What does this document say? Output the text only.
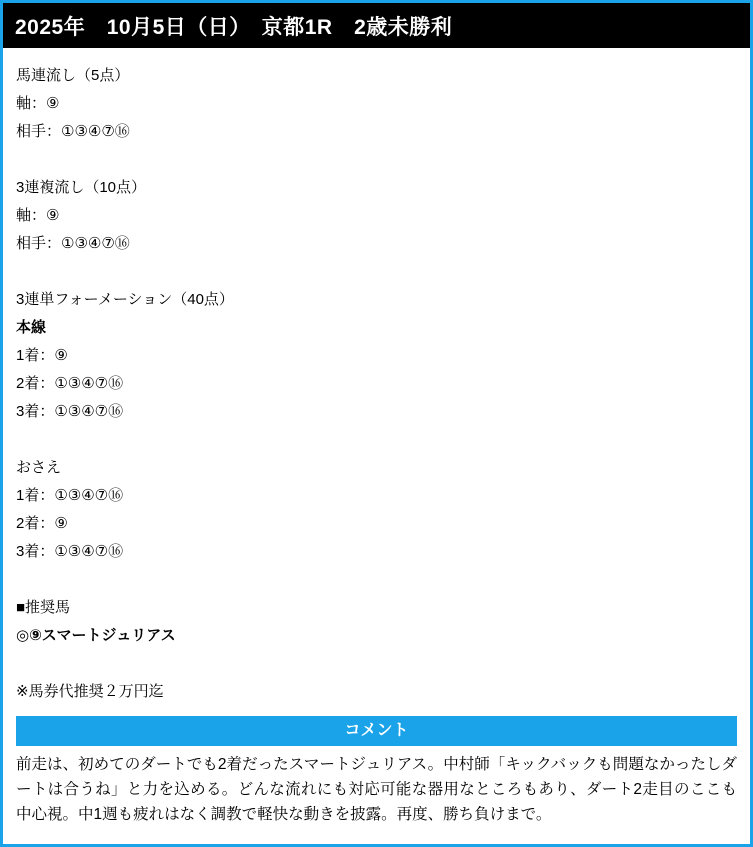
2025年　10月5日（日）　京都1R　2歳未勝利
馬連流し（5点）
軸：⑨
相手：①③④⑦⑯
3連複流し（10点）
軸：⑨
相手：①③④⑦⑯
3連単フォーメーション（40点）
本線
1着：⑨
2着：①③④⑦⑯
3着：①③④⑦⑯
おさえ
1着：①③④⑦⑯
2着：⑨
3着：①③④⑦⑯
■推奨馬
◎⑨スマートジュリアス
※馬券代推奨２万円迄
コメント
前走は、初めてのダートでも2着だったスマートジュリアス。中村師「キックバックも問題なかったしダートは合うね」と力を込める。どんな流れにも対応可能な器用なところもあり、ダート2走目のここも中心視。中1週も疲れはなく調教で軽快な動きを披露。再度、勝ち負けまで。
